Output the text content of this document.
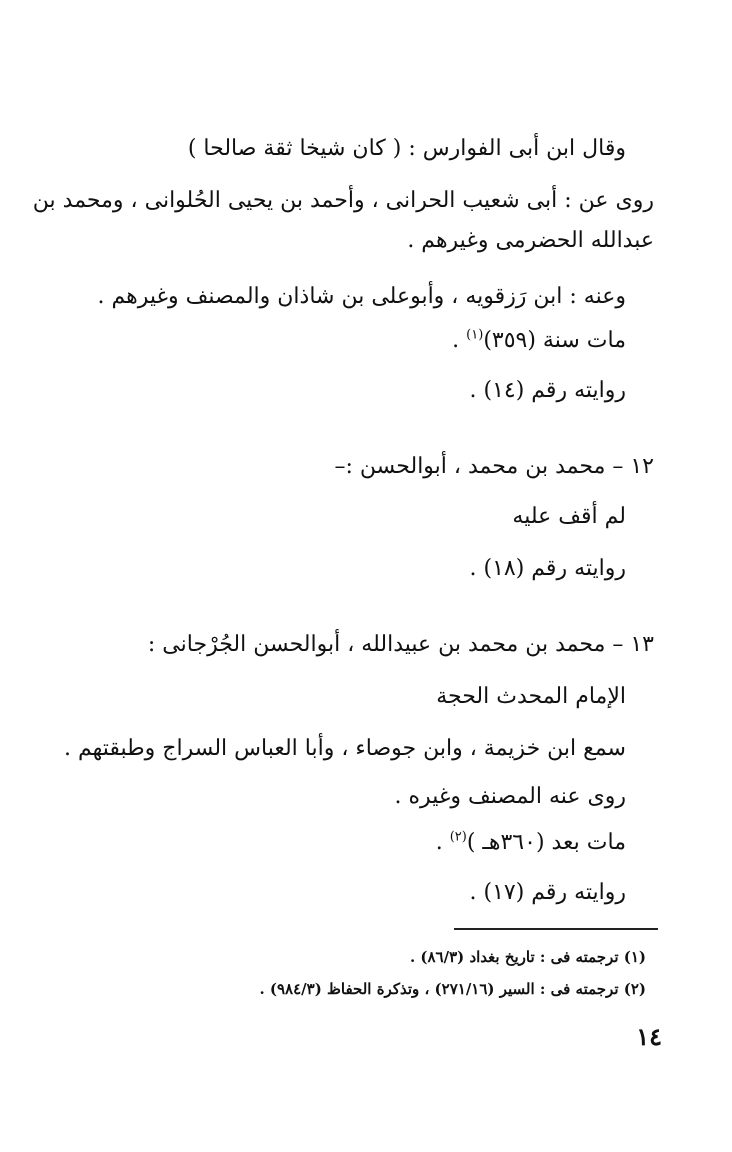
وقال ابن أبى الفوارس : ( كان شيخا ثقة صالحا )
روى عن : أبى شعيب الحرانى ، وأحمد بن يحيى الحُلوانى ، ومحمد بن
عبدالله الحضرمى وغيرهم .
وعنه : ابن رَزقويه ، وأبوعلى بن شاذان والمصنف وغيرهم .
مات سنة (٣٥٩)$^{(١)}$ .
روايته رقم (١٤) .
١٢ – محمد بن محمد ، أبوالحسن :–
لم أقف عليه
روايته رقم (١٨) .
١٣ – محمد بن محمد بن عبيدالله ، أبوالحسن الجُرْجانى :
الإمام المحدث الحجة
سمع ابن خزيمة ، وابن جوصاء ، وأبا العباس السراج وطبقتهم .
روى عنه المصنف وغيره .
مات بعد (٣٦٠هـ )$^{(٢)}$ .
روايته رقم (١٧) .
(١) ترجمته فى : تاريخ بغداد (٨٦/٣) .
(٢) ترجمته فى : السير (٢٧١/١٦) ، وتذكرة الحفاظ (٩٨٤/٣) .
١٤
